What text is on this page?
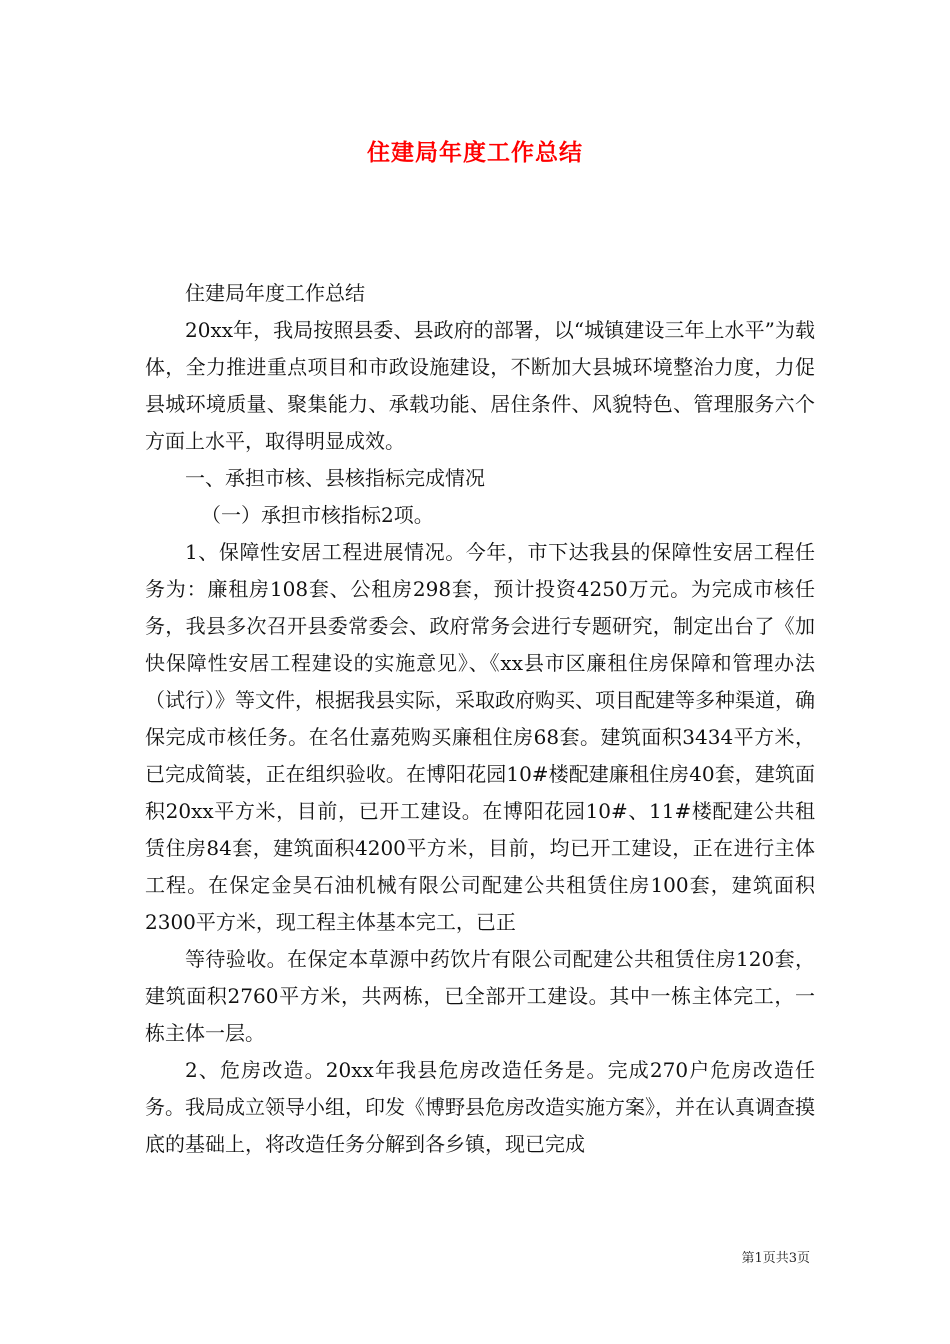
住建局年度工作总结

住建局年度工作总结

20xx年，我局按照县委、县政府的部署，以“城镇建设三年上水平”为载体，全力推进重点项目和市政设施建设，不断加大县城环境整治力度，力促县城环境质量、聚集能力、承载功能、居住条件、风貌特色、管理服务六个方面上水平，取得明显成效。

一、承担市核、县核指标完成情况

（一）承担市核指标2项。

1、保障性安居工程进展情况。今年，市下达我县的保障性安居工程任务为：廉租房108套、公租房298套，预计投资4250万元。为完成市核任务，我县多次召开县委常委会、政府常务会进行专题研究，制定出台了《加快保障性安居工程建设的实施意见》、《xx县市区廉租住房保障和管理办法（试行）》等文件，根据我县实际，采取政府购买、项目配建等多种渠道，确保完成市核任务。在名仕嘉苑购买廉租住房68套。建筑面积3434平方米，已完成简装，正在组织验收。在博阳花园10#楼配建廉租住房40套，建筑面积20xx平方米，目前，已开工建设。在博阳花园10#、11#楼配建公共租赁住房84套，建筑面积4200平方米，目前，均已开工建设，正在进行主体工程。在保定金昊石油机械有限公司配建公共租赁住房100套，建筑面积2300平方米，现工程主体基本完工，已正

等待验收。在保定本草源中药饮片有限公司配建公共租赁住房120套，建筑面积2760平方米，共两栋，已全部开工建设。其中一栋主体完工，一栋主体一层。

2、危房改造。20xx年我县危房改造任务是。完成270户危房改造任务。我局成立领导小组，印发《博野县危房改造实施方案》，并在认真调查摸底的基础上，将改造任务分解到各乡镇，现已完成

第1页共3页
